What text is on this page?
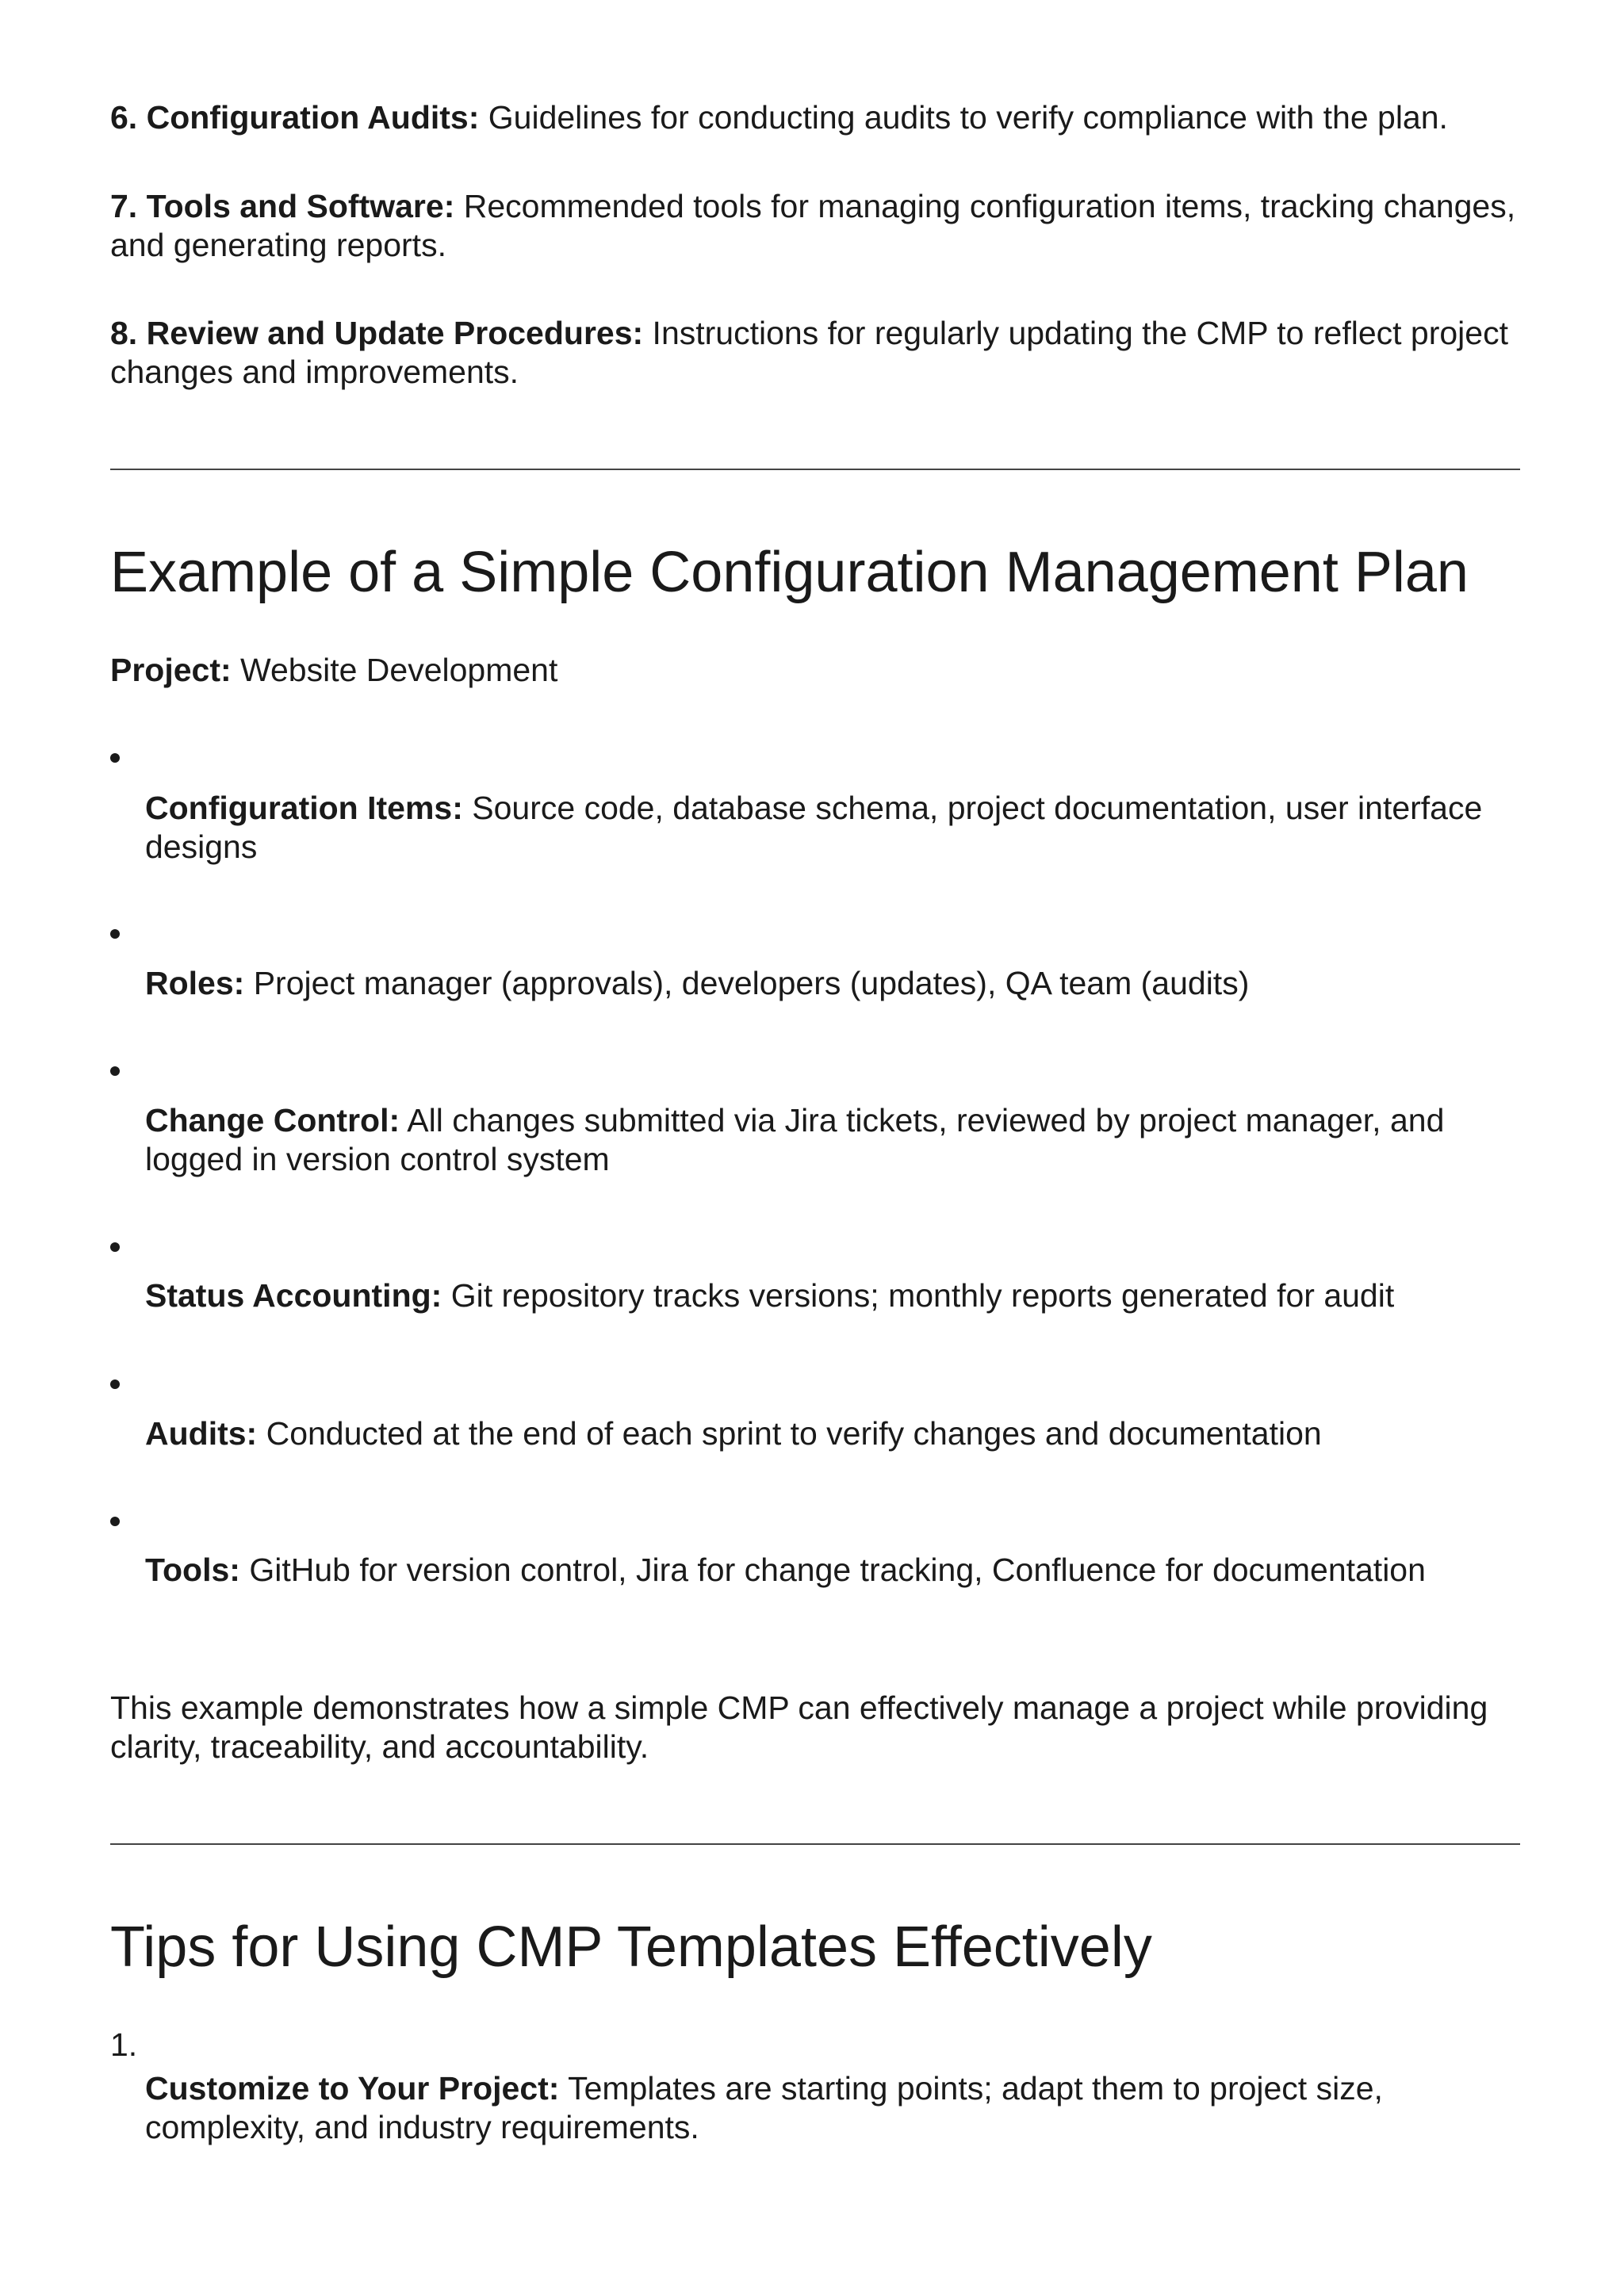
6. Configuration Audits: Guidelines for conducting audits to verify compliance with the plan.

7. Tools and Software: Recommended tools for managing configuration items, tracking changes, and generating reports.

8. Review and Update Procedures: Instructions for regularly updating the CMP to reflect project changes and improvements.

Example of a Simple Configuration Management Plan

Project: Website Development

Configuration Items: Source code, database schema, project documentation, user interface designs

Roles: Project manager (approvals), developers (updates), QA team (audits)

Change Control: All changes submitted via Jira tickets, reviewed by project manager, and logged in version control system

Status Accounting: Git repository tracks versions; monthly reports generated for audit

Audits: Conducted at the end of each sprint to verify changes and documentation

Tools: GitHub for version control, Jira for change tracking, Confluence for documentation

This example demonstrates how a simple CMP can effectively manage a project while providing clarity, traceability, and accountability.

Tips for Using CMP Templates Effectively
1.

Customize to Your Project: Templates are starting points; adapt them to project size, complexity, and industry requirements.
